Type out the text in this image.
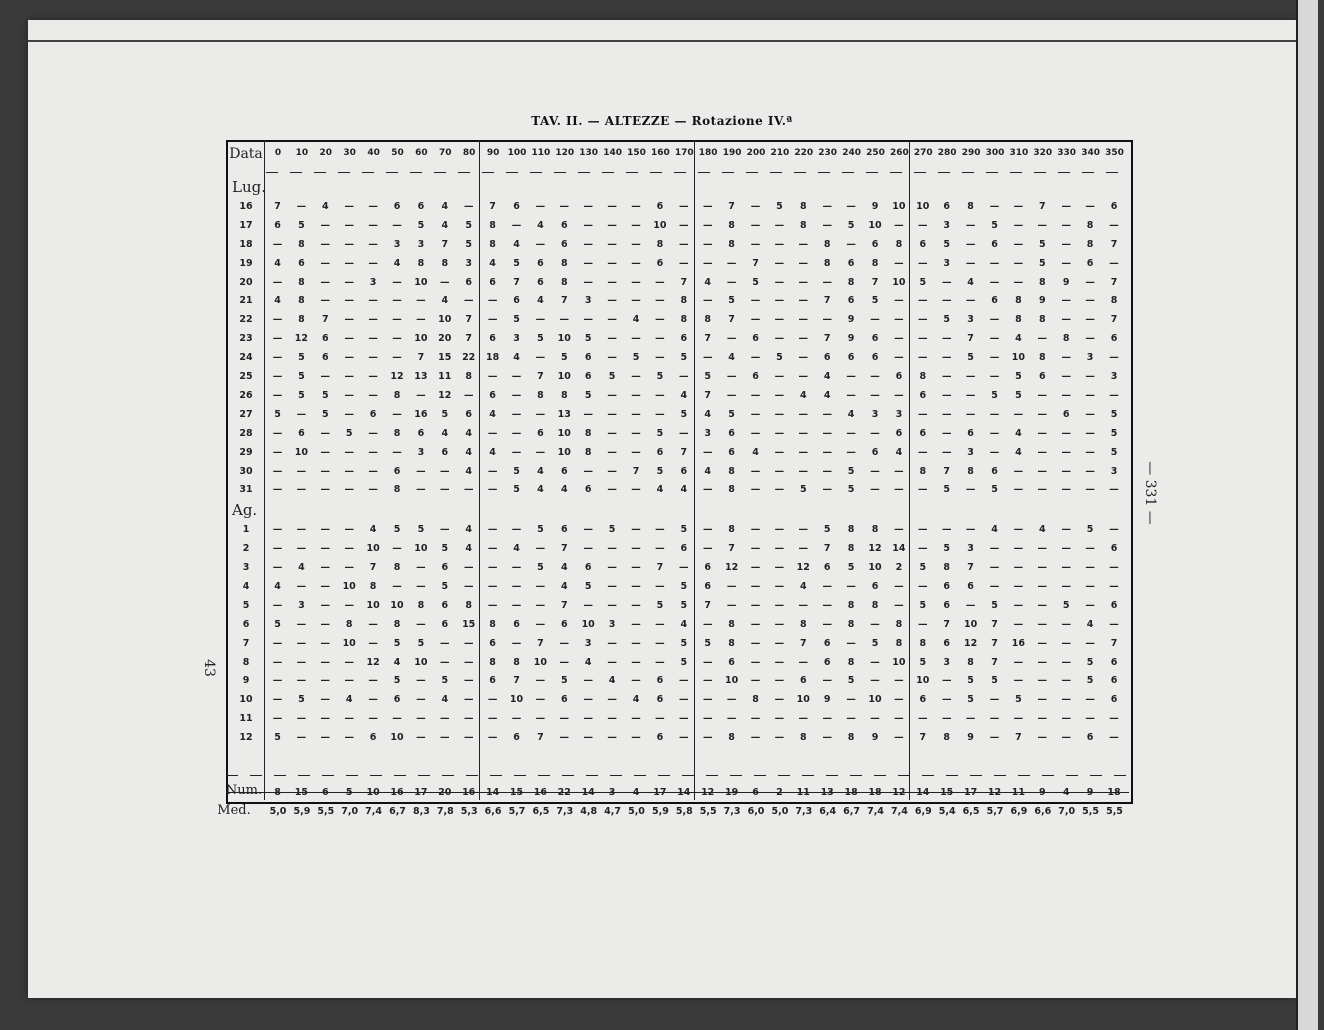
TAV. II. — ALTEZZE — Rotazione IV.ª
Data	0	10	20	30	40	50	60	70	80	90 100 110 120 130 140 150 160 170 180 190 200 210 220 230 240 250 260 270 280 290 300 310 320 330 340 350
Lug.
16	7	—	4	—	—	6	6	4	—	7	6	—	—	—	—	—	6	—	—	7	—	5	8	—	—	9	10 10	6	8	—	—	7	—	—	6
17	6	5	—	—	—	—	5	4	5	8	—	4	6	—	—	—	10	—	—	8	—	—	8	—	5	10	—	—	3	—	5	—	—	—	8	—
18	—	8	—	—	—	3	3	7	5	8	4	—	6	—	—	—	8	—	—	8	—	—	—	8	—	6	8	6	5	—	6	—	5	—	8	7
19	4	6	—	—	—	4	8	8	3	4	5	6	8	—	—	—	6	—	—	—	7	—	—	8	6	8	—	—	3	—	—	—	5	—	6	—
20	—	8	—	—	3	—	10	—	6	6	7	6	8	—	—	—	—	7	4	—	5	—	—	—	8	7	10	5	—	4	—	—	8	9	—	7
21	4	8	—	—	—	—	—	4	—	—	6	4	7	3	—	—	—	8	—	5	—	—	—	7	6	5	—	—	—	—	6	8	9	—	—	8
22	—	8	7	—	—	—	—	10	7	—	5	—	—	—	—	4	—	8	8	7	—	—	—	—	9	—	—	—	5	3	—	8	8	—	—	7
23	—	12	6	—	—	—	10 20	7	6	3	5	10	5	—	—	—	6	7	—	6	—	—	7	9	6	—	—	—	7	—	4	—	8	—	6
24	—	5	6	—	—	—	7	15 22 18	4	—	5	6	—	5	—	5	—	4	—	5	—	6	6	6	—	—	—	5	—	10	8	—	3	—
25	—	5	—	—	—	12 13 11	8	—	—	7	10	6	5	—	5	—	5	—	6	—	—	4	—	—	6	8	—	—	—	5	6	—	—	3
26	—	5	5	—	—	8	—	12	—	6	—	8	8	5	—	—	—	4	7	—	—	—	4	4	—	—	—	6	—	—	5	5	—	—	—	—
27	5	—	5	—	6	—	16	5	6	4	—	—	13	—	—	—	—	5	4	5	—	—	—	—	4	3	3	—	—	—	—	—	—	6	—	5
28	—	6	—	5	—	8	6	4	4	—	—	6	10	8	—	—	5	—	3	6	—	—	—	—	—	—	6	6	—	6	—	4	—	—	—	5
29	—	10	—	—	—	—	3	6	4	4	—	—	10	8	—	—	6	7	—	6	4	—	—	—	—	6	4	—	—	3	—	4	—	—	—	5
30	—	—	—	—	—	6	—	—	4	—	5	4	6	—	—	7	5	6	4	8	—	—	—	—	5	—	—	8	7	8	6	—	—	—	—	3
31	—	—	—	—	—	8	—	—	—	—	5	4	4	6	—	—	4	4	—	8	—	—	5	—	5	—	—	—	5	—	5	—	—	—	—	—
Ag.
1	—	—	—	—	4	5	5	—	4	—	—	5	6	—	5	—	—	5	—	8	—	—	—	5	8	8	—	—	—	—	4	—	4	—	5	—
2	—	—	—	—	10	—	10	5	4	—	4	—	7	—	—	—	—	6	—	7	—	—	—	7	8	12 14	—	5	3	—	—	—	—	—	6
3	—	4	—	—	7	8	—	6	—	—	—	5	4	6	—	—	7	—	6	12	—	—	12	6	5	10	2	5	8	7	—	—	—	—	—	—
4	4	—	—	10	8	—	—	5	—	—	—	—	4	5	—	—	—	5	6	—	—	—	4	—	—	6	—	—	6	6	—	—	—	—	—	—
5	—	3	—	—	10 10	8	6	8	—	—	—	7	—	—	—	5	5	7	—	—	—	—	—	8	8	—	5	6	—	5	—	—	5	—	6
6	5	—	—	8	—	8	—	6	15	8	6	—	6	10	3	—	—	4	—	8	—	—	8	—	8	—	8	—	7	10	7	—	—	—	4	—
7	—	—	—	10	—	5	5	—	—	6	—	7	—	3	—	—	—	5	5	8	—	—	7	6	—	5	8	8	6	12	7	16	—	—	—	7
8	—	—	—	—	12	4	10	—	—	8	8	10	—	4	—	—	—	5	—	6	—	—	—	6	8	—	10	5	3	8	7	—	—	—	5	6
9	—	—	—	—	—	5	—	5	—	6	7	—	5	—	4	—	6	—	—	10	—	—	6	—	5	—	—	10	—	5	5	—	—	—	5	6
10	—	5	—	4	—	6	—	4	—	—	10	—	6	—	—	4	6	—	—	—	8	—	10	9	—	10	—	6	—	5	—	5	—	—	—	6
11	—	—	—	—	—	—	—	—	—	—	—	—	—	—	—	—	—	—	—	—	—	—	—	—	—	—	—	—	—	—	—	—	—	—	—	—
12	5	—	—	—	6	10	—	—	—	—	6	7	—	—	—	—	6	—	—	8	—	—	8	—	8	9	—	7	8	9	—	7	—	—	6	—
Num.	8	15	6	5	10 16 17 20 16 14 15 16 22 14	3	4	17 14 12 19	6	2	11 13 18 18 12 14 15 17 12 11	9	4	9	18
Med.	5,0 5,9 5,5 7,0 7,4 6,7 8,3 7,8 5,3 6,6 5,7 6,5 7,3 4,8 4,7 5,0 5,9 5,8 5,5 7,3 6,0 5,0 7,3 6,4 6,7 7,4 7,4 6,9 5,4 6,5 5,7 6,9 6,6 7,0 5,5 5,5
43
— 331 —
